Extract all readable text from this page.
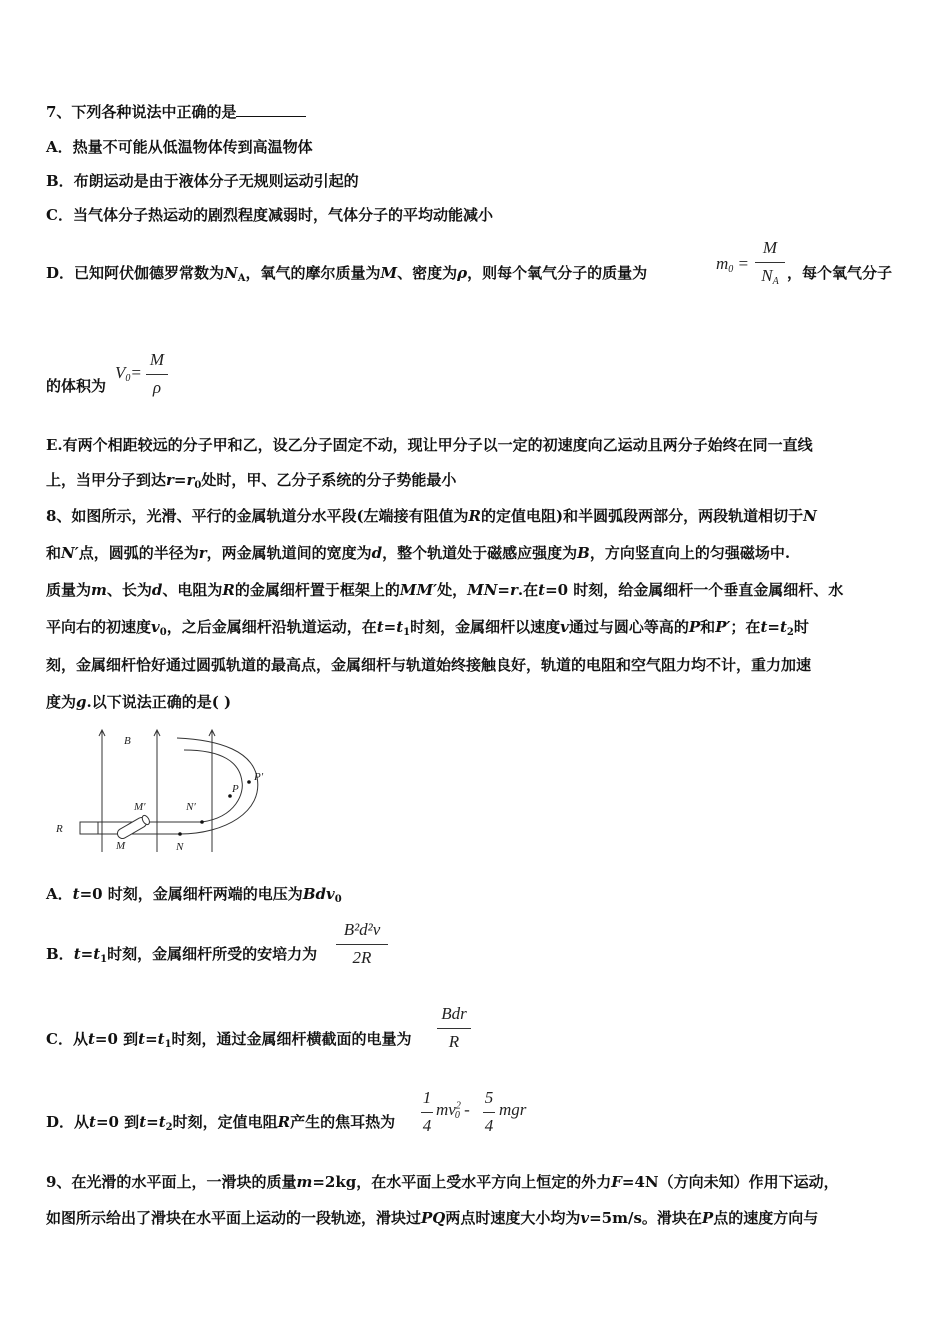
7、下列各种说法中正确的是
A．热量不可能从低温物体传到高温物体
B．布朗运动是由于液体分子无规则运动引起的
C．当气体分子热运动的剧烈程度减弱时，气体分子的平均动能减小
D．已知阿伏伽德罗常数为$N_A$，氧气的摩尔质量为M、密度为ρ，则每个氧气分子的质量为	$m_0$ =
M
$N_A$ ，每个氧气分子
的体积为
$V_0=$
M
ρ
E.有两个相距较远的分子甲和乙，设乙分子固定不动，现让甲分子以一定的初速度向乙运动且两分子始终在同一直线
上，当甲分子到达$r=r_0$处时，甲、乙分子系统的分子势能最小
8、如图所示，光滑、平行的金属轨道分水平段(左端接有阻值为R的定值电阻)和半圆弧段两部分，两段轨道相切于N
和N′点，圆弧的半径为r，两金属轨道间的宽度为d，整个轨道处于磁感应强度为B，方向竖直向上的匀强磁场中.
质量为m、长为d、电阻为R的金属细杆置于框架上的MM′处，MN=r.在t=0 时刻，给金属细杆一个垂直金属细杆、水
平向右的初速度$v_0$，之后金属细杆沿轨道运动，在$t=t_1$时刻，金属细杆以速度v通过与圆心等高的P和P′；在$t=t_2$时
刻，金属细杆恰好通过圆弧轨道的最高点，金属细杆与轨道始终接触良好，轨道的电阻和空气阻力均不计，重力加速
度为g.以下说法正确的是( )
B
R
M
M′
N
N′
P
P′
A．t=0 时刻，金属细杆两端的电压为Bdv$_0$
B．$t=t_1$时刻，金属细杆所受的安培力为
B²d²v
2R
C．从t=0 到$t=t_1$时刻，通过金属细杆横截面的电量为
Bdr
R
D．从t=0 到$t=t_2$时刻，定值电阻R产生的焦耳热为
1
4
$mv^2_0$ -
5
4
mgr
9、在光滑的水平面上，一滑块的质量m=2kg，在水平面上受水平方向上恒定的外力F=4N（方向未知）作用下运动，
如图所示给出了滑块在水平面上运动的一段轨迹，滑块过PQ两点时速度大小均为v=5m/s。滑块在P点的速度方向与
